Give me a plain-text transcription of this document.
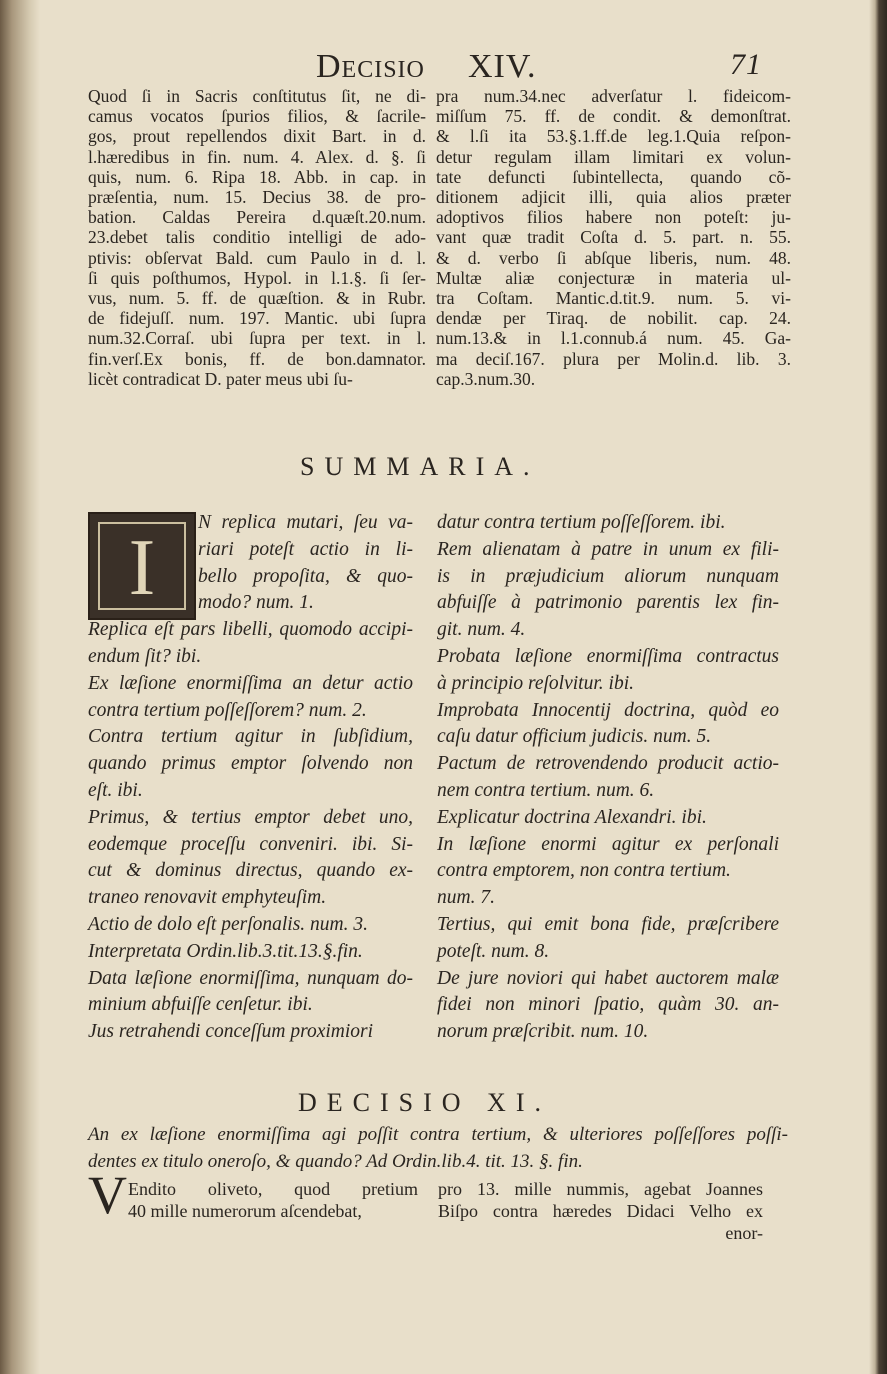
Decisio XIV.	71
Quod ſi in Sacris conſtitutus ſit, ne di-
camus vocatos ſpurios filios, & ſacrile-
gos, prout repellendos dixit Bart. in d.
l.hæredibus in fin. num. 4. Alex. d. §. ſi
quis, num. 6. Ripa 18. Abb. in cap. in
præſentia, num. 15. Decius 38. de pro-
bation. Caldas Pereira d.quæſt.20.num.
23.debet talis conditio intelligi de ado-
ptivis: obſervat Bald. cum Paulo in d. l.
ſi quis poſthumos, Hypol. in l.1.§. ſi ſer-
vus, num. 5. ff. de quæſtion. & in Rubr.
de fidejuſſ. num. 197. Mantic. ubi ſupra
num.32.Corraſ. ubi ſupra per text. in l.
fin.verſ.Ex bonis, ff. de bon.damnator.
licèt contradicat D. pater meus ubi ſu-
pra num.34.nec adverſatur l. fideicom-
miſſum 75. ff. de condit. & demonſtrat.
& l.ſi ita 53.§.1.ff.de leg.1.Quia reſpon-
detur regulam illam limitari ex volun-
tate defuncti ſubintellecta, quando cõ-
ditionem adjicit illi, quia alios præter
adoptivos filios habere non poteſt: ju-
vant quæ tradit Coſta d. 5. part. n. 55.
& d. verbo ſi abſque liberis, num. 48.
Multæ aliæ conjecturæ in materia ul-
tra Coſtam. Mantic.d.tit.9. num. 5. vi-
dendæ per Tiraq. de nobilit. cap. 24.
num.13.& in l.1.connub.á num. 45. Ga-
ma deciſ.167. plura per Molin.d. lib. 3.
cap.3.num.30.
SUMMARIA.
I
N replica mutari, ſeu va-
riari poteſt actio in li-
bello propoſita, & quo-
modo? num. 1.
Replica eſt pars libelli, quomodo accipi-
endum ſit? ibi.
Ex læſione enormiſſima an detur actio
contra tertium poſſeſſorem? num. 2.
Contra tertium agitur in ſubſidium,
quando primus emptor ſolvendo non
eſt. ibi.
Primus, & tertius emptor debet uno,
eodemque proceſſu conveniri. ibi. Si-
cut & dominus directus, quando ex-
traneo renovavit emphyteuſim.
Actio de dolo eſt perſonalis. num. 3.
Interpretata Ordin.lib.3.tit.13.§.fin.
Data læſione enormiſſima, nunquam do-
minium abfuiſſe cenſetur. ibi.
Jus retrahendi conceſſum proximiori
datur contra tertium poſſeſſorem. ibi.
Rem alienatam à patre in unum ex fili-
is in præjudicium aliorum nunquam
abfuiſſe à patrimonio parentis lex fin-
git. num. 4.
Probata læſione enormiſſima contractus
à principio reſolvitur. ibi.
Improbata Innocentij doctrina, quòd eo
caſu datur officium judicis. num. 5.
Pactum de retrovendendo producit actio-
nem contra tertium. num. 6.
Explicatur doctrina Alexandri. ibi.
In læſione enormi agitur ex perſonali
contra emptorem, non contra tertium.
num. 7.
Tertius, qui emit bona fide, præſcribere
poteſt. num. 8.
De jure noviori qui habet auctorem malæ
fidei non minori ſpatio, quàm 30. an-
norum præſcribit. num. 10.
DECISIO XI.
An ex læſione enormiſſima agi poſſit contra tertium, & ulteriores poſſeſſores poſſi-
dentes ex titulo oneroſo, & quando? Ad Ordin.lib.4. tit. 13. §. fin.
V Endito oliveto, quod pretium
40 mille numerorum aſcendebat,
pro 13. mille nummis, agebat Joannes
Biſpo contra hæredes Didaci Velho ex
enor-
